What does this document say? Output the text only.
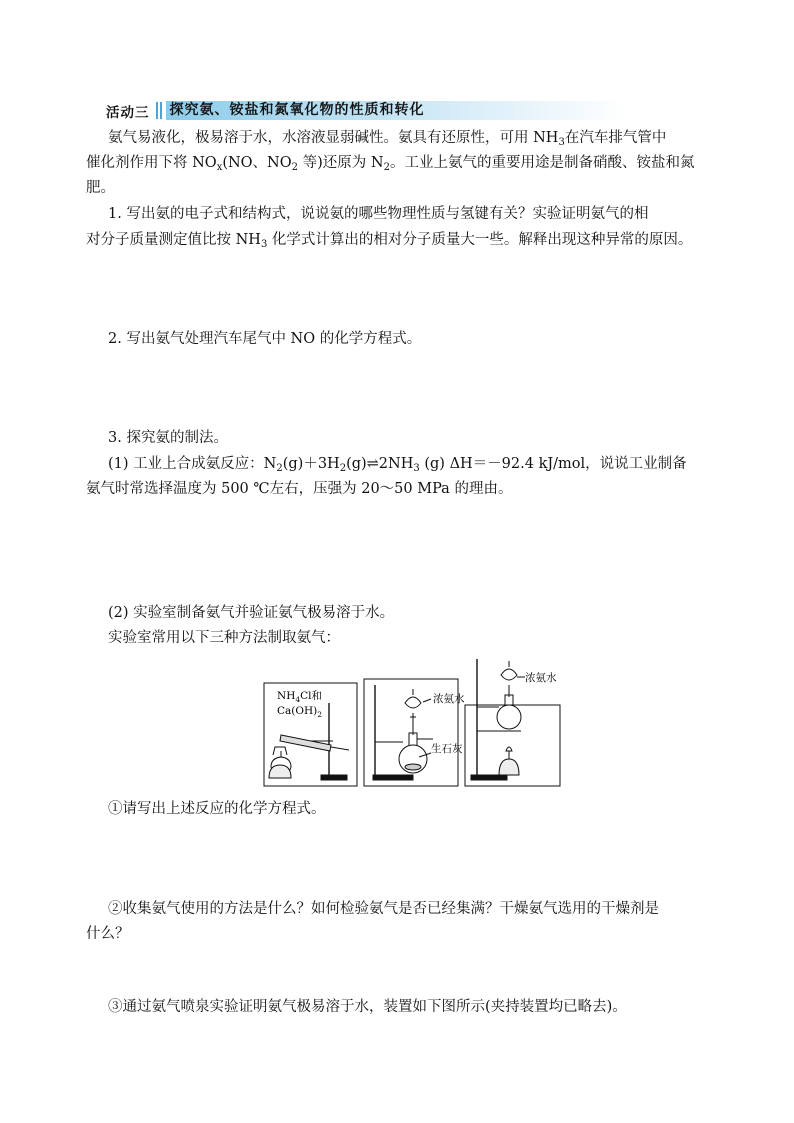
活动三 探究氨、铵盐和氮氧化物的性质和转化

氨气易液化，极易溶于水，水溶液显弱碱性。氨具有还原性，可用 $NH_3$在汽车排气管中

催化剂作用下将 $NO_x(NO$、$NO_2$ 等)还原为 $N_2$。工业上氨气的重要用途是制备硝酸、铵盐和氮

肥。

1. 写出氨的电子式和结构式，说说氨的哪些物理性质与氢键有关？实验证明氨气的相

对分子质量测定值比按 $NH_3$ 化学式计算出的相对分子质量大一些。解释出现这种异常的原因。

2. 写出氨气处理汽车尾气中 NO 的化学方程式。

3. 探究氨的制法。

(1) 工业上合成氨反应：$N_2(g)+3H_2(g)\rightleftharpoons 2NH_3$ (g) ΔH＝－92.4 kJ/mol，说说工业制备

氨气时常选择温度为 500 ℃左右，压强为 20～50 MPa 的理由。

(2) 实验室制备氨气并验证氨气极易溶于水。

实验室常用以下三种方法制取氨气：

$NH_4Cl$和
$Ca(OH)_2$
浓氨水
生石灰
浓氨水

①请写出上述反应的化学方程式。

②收集氨气使用的方法是什么？如何检验氨气是否已经集满？干燥氨气选用的干燥剂是

什么？

③通过氨气喷泉实验证明氨气极易溶于水，装置如下图所示(夹持装置均已略去)。
